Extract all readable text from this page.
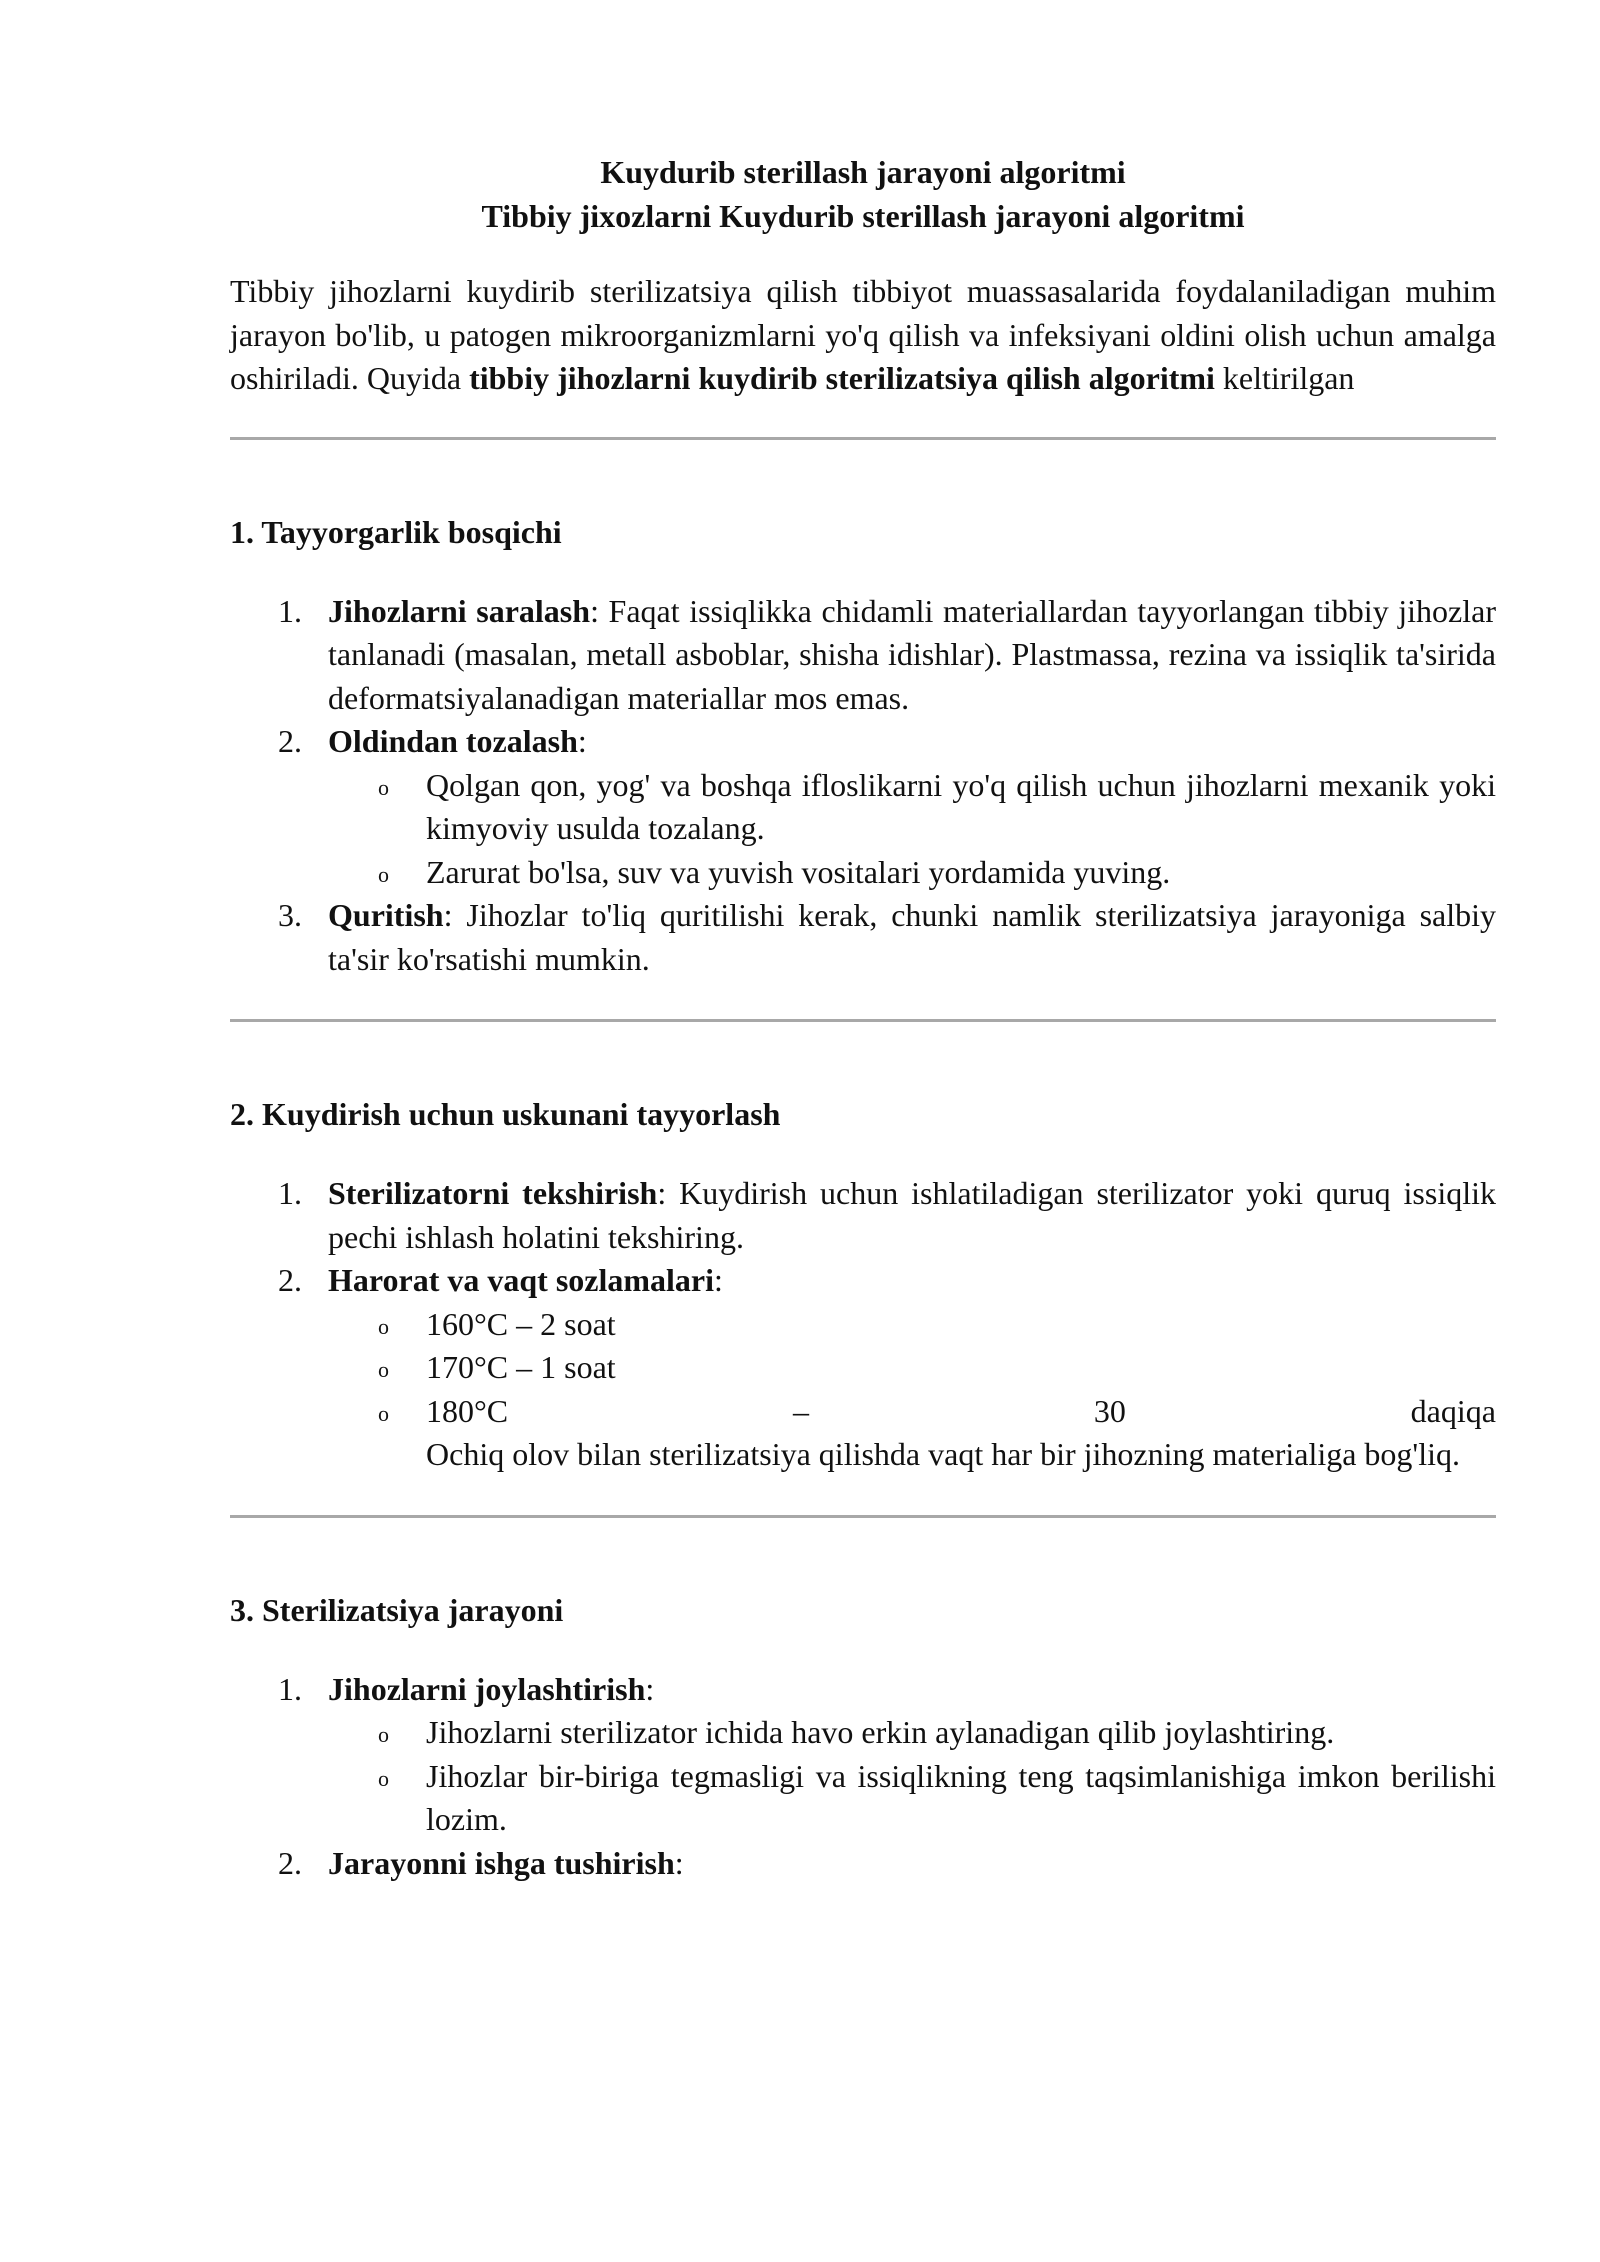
Kuydurib sterillash jarayoni algoritmi
Tibbiy jixozlarni Kuydurib sterillash jarayoni algoritmi
Tibbiy jihozlarni kuydirib sterilizatsiya qilish tibbiyot muassasalarida foydalaniladigan muhim jarayon bo'lib, u patogen mikroorganizmlarni yo'q qilish va infeksiyani oldini olish uchun amalga oshiriladi. Quyida tibbiy jihozlarni kuydirib sterilizatsiya qilish algoritmi keltirilgan
1. Tayyorgarlik bosqichi
1. Jihozlarni saralash: Faqat issiqlikka chidamli materiallardan tayyorlangan tibbiy jihozlar tanlanadi (masalan, metall asboblar, shisha idishlar). Plastmassa, rezina va issiqlik ta'sirida deformatsiyalanadigan materiallar mos emas.
2. Oldindan tozalash:
o Qolgan qon, yog' va boshqa ifloslikarni yo'q qilish uchun jihozlarni mexanik yoki kimyoviy usulda tozalang.
o Zarurat bo'lsa, suv va yuvish vositalari yordamida yuving.
3. Quritish: Jihozlar to'liq quritilishi kerak, chunki namlik sterilizatsiya jarayoniga salbiy ta'sir ko'rsatishi mumkin.
2. Kuydirish uchun uskunani tayyorlash
1. Sterilizatorni tekshirish: Kuydirish uchun ishlatiladigan sterilizator yoki quruq issiqlik pechi ishlash holatini tekshiring.
2. Harorat va vaqt sozlamalari:
o 160°C – 2 soat
o 170°C – 1 soat
o 180°C	–	30	daqiqa
Ochiq olov bilan sterilizatsiya qilishda vaqt har bir jihozning materialiga bog'liq.
3. Sterilizatsiya jarayoni
1. Jihozlarni joylashtirish:
o Jihozlarni sterilizator ichida havo erkin aylanadigan qilib joylashtiring.
o Jihozlar bir-biriga tegmasligi va issiqlikning teng taqsimlanishiga imkon berilishi lozim.
2. Jarayonni ishga tushirish:
